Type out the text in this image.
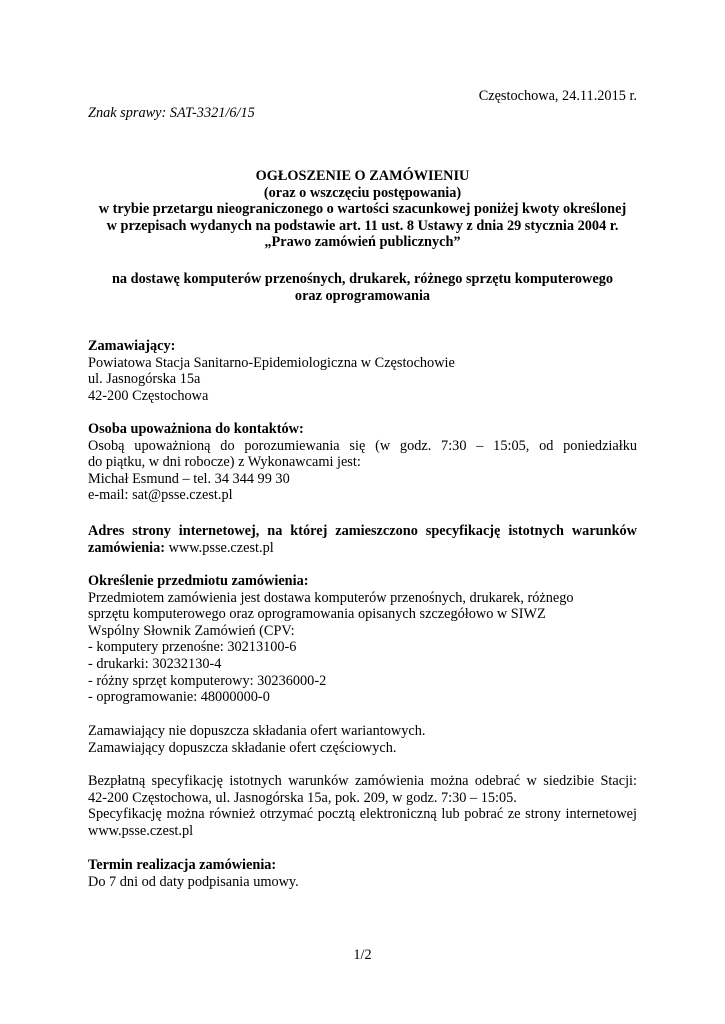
Częstochowa, 24.11.2015 r.
Znak sprawy: SAT-3321/6/15
OGŁOSZENIE O ZAMÓWIENIU
(oraz o wszczęciu postępowania)
w trybie przetargu nieograniczonego o wartości szacunkowej poniżej kwoty określonej
w przepisach wydanych na podstawie art. 11 ust. 8 Ustawy z dnia 29 stycznia 2004 r.
„Prawo zamówień publicznych”
na dostawę komputerów przenośnych, drukarek, różnego sprzętu komputerowego
oraz oprogramowania
Zamawiający:
Powiatowa Stacja Sanitarno-Epidemiologiczna w Częstochowie
ul. Jasnogórska 15a
42-200 Częstochowa
Osoba upoważniona do kontaktów:
Osobą upoważnioną do porozumiewania się (w godz. 7:30 – 15:05, od poniedziałku
do piątku, w dni robocze) z Wykonawcami jest:
Michał Esmund – tel. 34 344 99 30
e-mail: sat@psse.czest.pl
Adres strony internetowej, na której zamieszczono specyfikację istotnych warunków
zamówienia: www.psse.czest.pl
Określenie przedmiotu zamówienia:
Przedmiotem zamówienia jest dostawa komputerów przenośnych, drukarek, różnego
sprzętu komputerowego oraz oprogramowania opisanych szczegółowo w SIWZ
Wspólny Słownik Zamówień (CPV:
- komputery przenośne: 30213100-6
- drukarki: 30232130-4
- różny sprzęt komputerowy: 30236000-2
- oprogramowanie: 48000000-0
Zamawiający nie dopuszcza składania ofert wariantowych.
Zamawiający dopuszcza składanie ofert częściowych.
Bezpłatną specyfikację istotnych warunków zamówienia można odebrać w siedzibie Stacji:
42-200 Częstochowa, ul. Jasnogórska 15a, pok. 209, w godz. 7:30 – 15:05.
Specyfikację można również otrzymać pocztą elektroniczną lub pobrać ze strony internetowej
www.psse.czest.pl
Termin realizacja zamówienia:
Do 7 dni od daty podpisania umowy.
1/2
